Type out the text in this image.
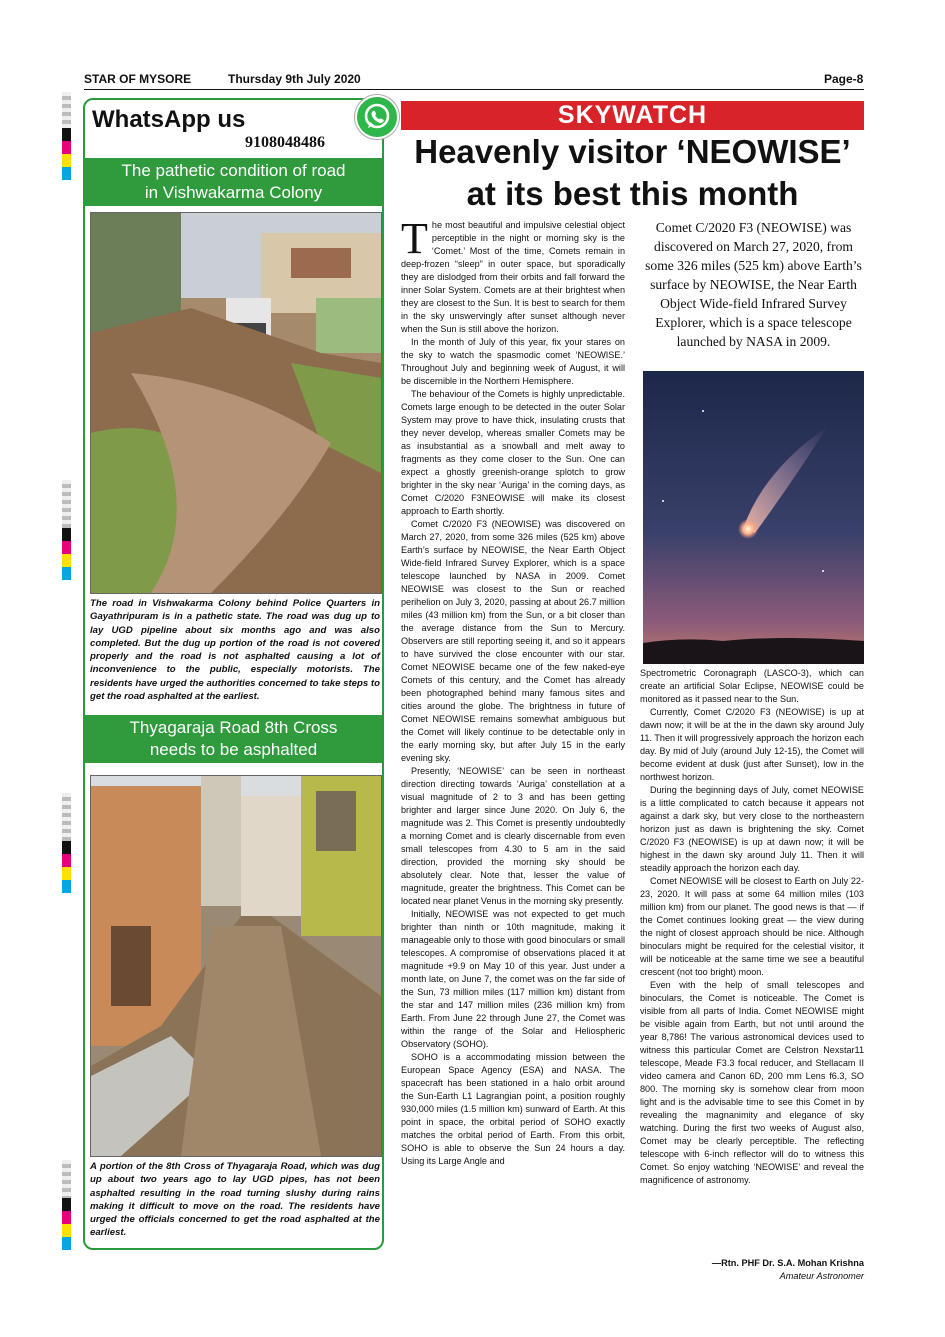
STAR OF MYSORE	Thursday 9th July 2020	Page-8
WhatsApp us
9108048486
The pathetic condition of road
in Vishwakarma Colony
The road in Vishwakarma Colony behind Police Quarters in Gayathripuram is in a pathetic state. The road was dug up to lay UGD pipeline about six months ago and was also completed. But the dug up portion of the road is not covered properly and the road is not asphalted causing a lot of inconvenience to the public, especially motorists. The residents have urged the authorities concerned to take steps to get the road asphalted at the earliest.
Thyagaraja Road 8th Cross
needs to be asphalted
A portion of the 8th Cross of Thyagaraja Road, which was dug up about two years ago to lay UGD pipes, has not been asphalted resulting in the road turning slushy during rains making it difficult to move on the road. The residents have urged the officials concerned to get the road asphalted at the earliest.
SKYWATCH
Heavenly visitor ‘NEOWISE’
at its best this month
T he most beautiful and impulsive celestial object perceptible in the night or morning sky is the ‘Comet.’ Most of the time, Comets remain in deep-frozen “sleep” in outer space, but sporadically they are dislodged from their orbits and fall forward the inner Solar System. Comets are at their brightest when they are closest to the Sun. It is best to search for them in the sky unswervingly after sunset although never when the Sun is still above the horizon.

In the month of July of this year, fix your stares on the sky to watch the spasmodic comet ‘NEOWISE.’ Throughout July and beginning week of August, it will be discernible in the Northern Hemisphere.

The behaviour of the Comets is highly unpredictable. Comets large enough to be detected in the outer Solar System may prove to have thick, insulating crusts that they never develop, whereas smaller Comets may be as insubstantial as a snowball and melt away to fragments as they come closer to the Sun. One can expect a ghostly greenish-orange splotch to grow brighter in the sky near ‘Auriga’ in the coming days, as Comet C/2020 F3NEOWISE will make its closest approach to Earth shortly.

Comet C/2020 F3 (NEOWISE) was discovered on March 27, 2020, from some 326 miles (525 km) above Earth’s surface by NEOWISE, the Near Earth Object Wide-field Infrared Survey Explorer, which is a space telescope launched by NASA in 2009. Comet NEOWISE was closest to the Sun or reached perihelion on July 3, 2020, passing at about 26.7 million miles (43 million km) from the Sun, or a bit closer than the average distance from the Sun to Mercury. Observers are still reporting seeing it, and so it appears to have survived the close encounter with our star. Comet NEOWISE became one of the few naked-eye Comets of this century, and the Comet has already been photographed behind many famous sites and cities around the globe. The brightness in future of Comet NEOWISE remains somewhat ambiguous but the Comet will likely continue to be detectable only in the early morning sky, but after July 15 in the early evening sky.

Presently, ‘NEOWISE’ can be seen in northeast direction directing towards ‘Auriga’ constellation at a visual magnitude of 2 to 3 and has been getting brighter and larger since June 2020. On July 6, the magnitude was 2. This Comet is presently undoubtedly a morning Comet and is clearly discernable from even small telescopes from 4.30 to 5 am in the said direction, provided the morning sky should be absolutely clear. Note that, lesser the value of magnitude, greater the brightness. This Comet can be located near planet Venus in the morning sky presently.

Initially, NEOWISE was not expected to get much brighter than ninth or 10th magnitude, making it manageable only to those with good binoculars or small telescopes. A compromise of observations placed it at magnitude +9.9 on May 10 of this year. Just under a month late, on June 7, the comet was on the far side of the Sun, 73 million miles (117 million km) distant from the star and 147 million miles (236 million km) from Earth. From June 22 through June 27, the Comet was within the range of the Solar and Heliospheric Observatory (SOHO).

SOHO is a accommodating mission between the European Space Agency (ESA) and NASA. The spacecraft has been stationed in a halo orbit around the Sun-Earth L1 Lagrangian point, a position roughly 930,000 miles (1.5 million km) sunward of Earth. At this point in space, the orbital period of SOHO exactly matches the orbital period of Earth. From this orbit, SOHO is able to observe the Sun 24 hours a day. Using its Large Angle and

Comet C/2020 F3 (NEOWISE) was discovered on March 27, 2020, from some 326 miles (525 km) above Earth’s surface by NEOWISE, the Near Earth Object Wide-field Infrared Survey Explorer, which is a space telescope launched by NASA in 2009.

Spectrometric Coronagraph (LASCO-3), which can create an artificial Solar Eclipse, NEOWISE could be monitored as it passed near to the Sun.

Currently, Comet C/2020 F3 (NEOWISE) is up at dawn now; it will be at the in the dawn sky around July 11. Then it will progressively approach the horizon each day. By mid of July (around July 12-15), the Comet will become evident at dusk (just after Sunset), low in the northwest horizon.

During the beginning days of July, comet NEOWISE is a little complicated to catch because it appears not against a dark sky, but very close to the northeastern horizon just as dawn is brightening the sky. Comet C/2020 F3 (NEOWISE) is up at dawn now; it will be highest in the dawn sky around July 11. Then it will steadily approach the horizon each day.

Comet NEOWISE will be closest to Earth on July 22-23, 2020. It will pass at some 64 million miles (103 million km) from our planet. The good news is that — if the Comet continues looking great — the view during the night of closest approach should be nice. Although binoculars might be required for the celestial visitor, it will be noticeable at the same time we see a beautiful crescent (not too bright) moon.

Even with the help of small telescopes and binoculars, the Comet is noticeable. The Comet is visible from all parts of India. Comet NEOWISE might be visible again from Earth, but not until around the year 8,786! The various astronomical devices used to witness this particular Comet are Celstron Nexstar11 telescope, Meade F3.3 focal reducer, and Stellacam II video camera and Canon 6D, 200 mm Lens f6.3, SO 800. The morning sky is somehow clear from moon light and is the advisable time to see this Comet in by revealing the magnanimity and elegance of sky watching. During the first two weeks of August also, Comet may be clearly perceptible. The reflecting telescope with 6-inch reflector will do to witness this Comet. So enjoy watching ‘NEOWISE’ and reveal the magnificence of astronomy.

—Rtn. PHF Dr. S.A. Mohan Krishna
Amateur Astronomer
